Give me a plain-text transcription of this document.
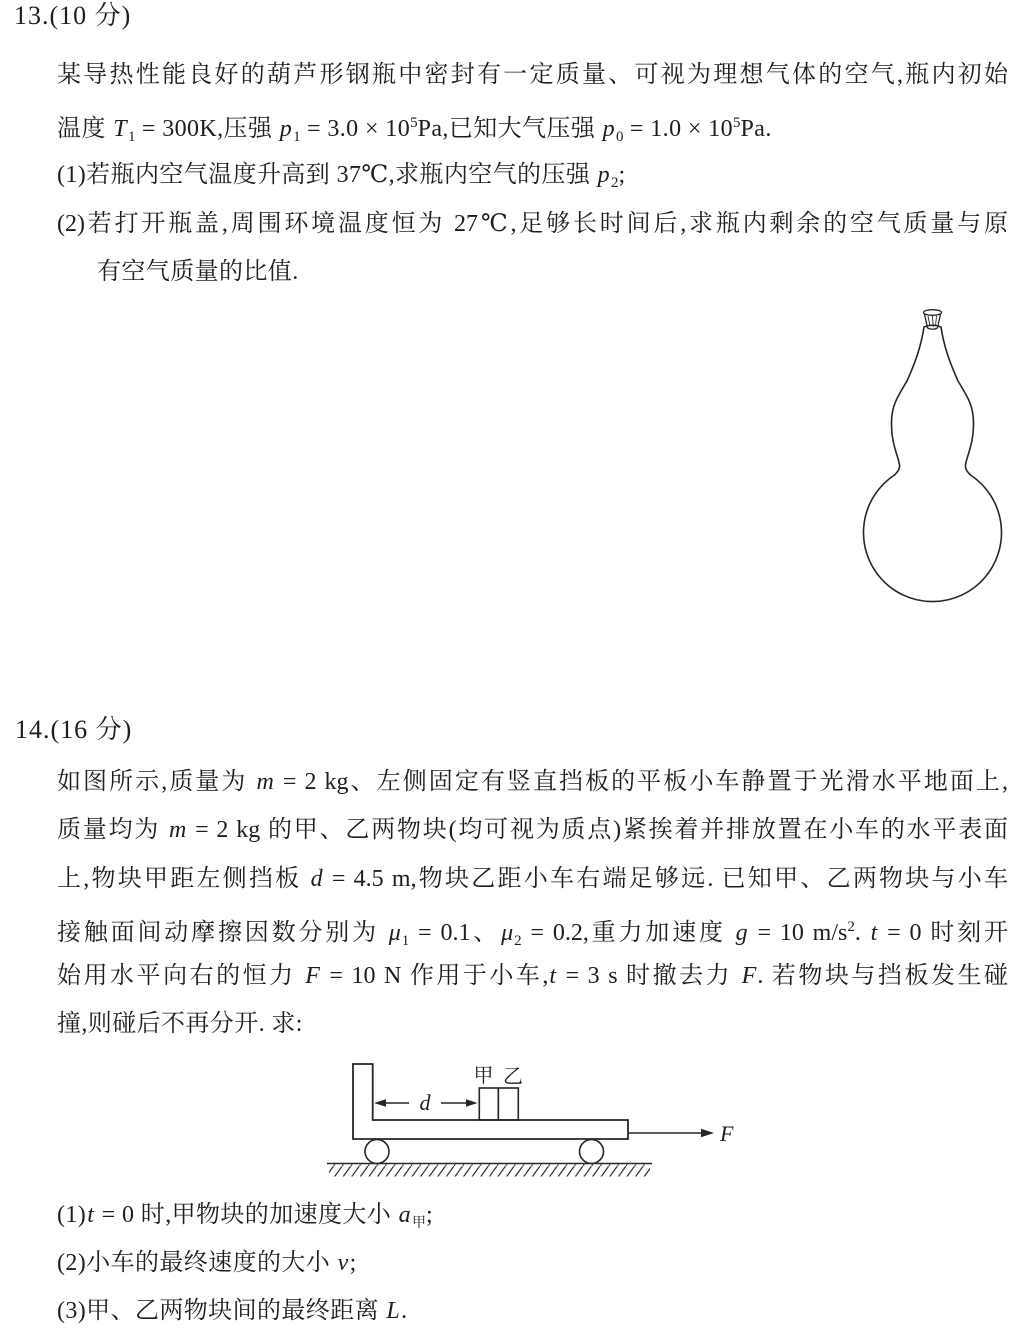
13.(10 分)
某导热性能良好的葫芦形钢瓶中密封有一定质量、可视为理想气体的空气,瓶内初始
温度 $T_1 = 300K$,压强 $p_1 = 3.0 \times 10^5Pa$,已知大气压强 $p_0 = 1.0 \times 10^5Pa$.
(1)若瓶内空气温度升高到 37℃,求瓶内空气的压强 $p_2$;
(2)若打开瓶盖,周围环境温度恒为 27℃,足够长时间后,求瓶内剩余的空气质量与原
有空气质量的比值.
14.(16 分)
如图所示,质量为 m = 2 kg、左侧固定有竖直挡板的平板小车静置于光滑水平地面上,
质量均为 m = 2 kg 的甲、乙两物块(均可视为质点)紧挨着并排放置在小车的水平表面
上,物块甲距左侧挡板 d = 4.5 m,物块乙距小车右端足够远. 已知甲、乙两物块与小车
接触面间动摩擦因数分别为 $\mu_1 = 0.1$、$\mu_2 = 0.2$,重力加速度 g = 10 $m/s^2$. t = 0 时刻开
始用水平向右的恒力 F = 10 N 作用于小车,t = 3 s 时撤去力 F. 若物块与挡板发生碰
撞,则碰后不再分开. 求:
甲 乙
d
F
(1)t = 0 时,甲物块的加速度大小 $a_甲$;
(2)小车的最终速度的大小 v;
(3)甲、乙两物块间的最终距离 L.
